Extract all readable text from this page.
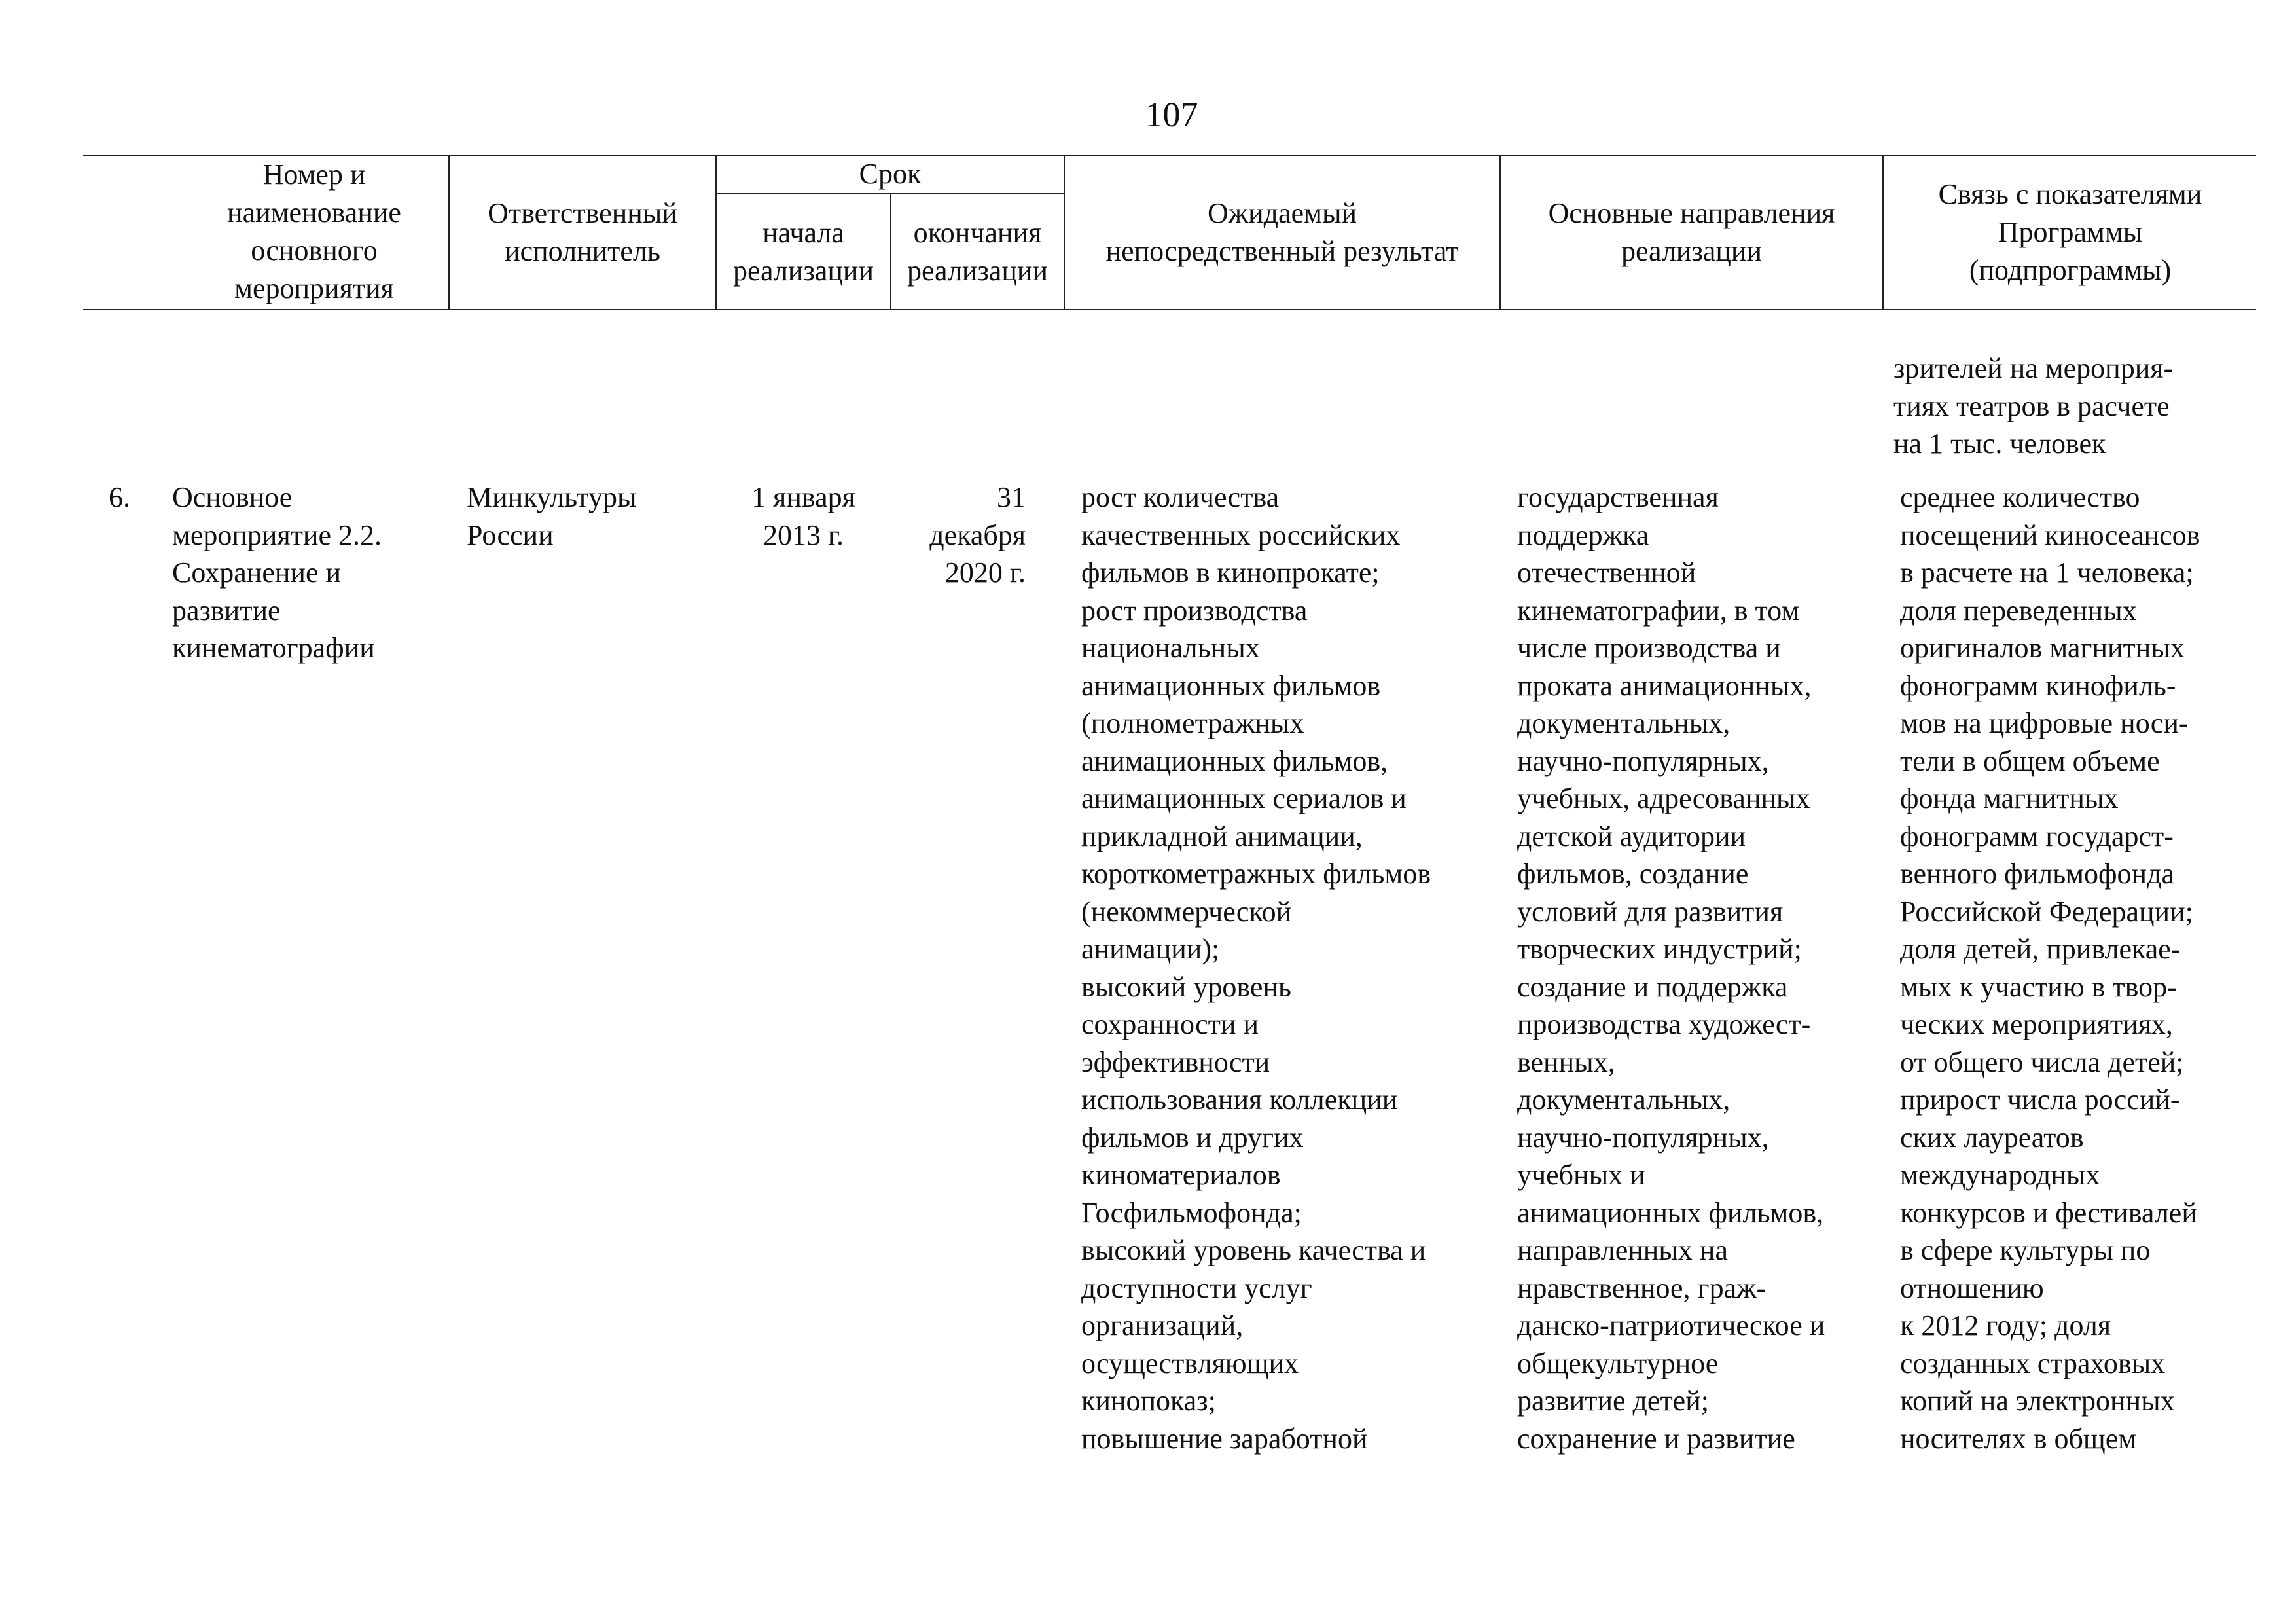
107
Номер и
наименование
основного
мероприятия
Ответственный
исполнитель
Срок
начала
реализации
окончания
реализации
Ожидаемый
непосредственный результат
Основные направления
реализации
Связь с показателями
Программы
(подпрограммы)
зрителей на мероприя-
тиях театров в расчете
на 1 тыс. человек
6.	Основное
мероприятие 2.2.
Сохранение и
развитие
кинематографии
Минкультуры
России
1 января
2013 г.
31
декабря
2020 г.
рост количества
качественных российских
фильмов в кинопрокате;
рост производства
национальных
анимационных фильмов
(полнометражных
анимационных фильмов,
анимационных сериалов и
прикладной анимации,
короткометражных фильмов
(некоммерческой
анимации);
высокий уровень
сохранности и
эффективности
использования коллекции
фильмов и других
киноматериалов
Госфильмофонда;
высокий уровень качества и
доступности услуг
организаций,
осуществляющих
кинопоказ;
повышение заработной
государственная
поддержка
отечественной
кинематографии, в том
числе производства и
проката анимационных,
документальных,
научно-популярных,
учебных, адресованных
детской аудитории
фильмов, создание
условий для развития
творческих индустрий;
создание и поддержка
производства художест-
венных,
документальных,
научно-популярных,
учебных и
анимационных фильмов,
направленных на
нравственное, граж-
данско-патриотическое и
общекультурное
развитие детей;
сохранение и развитие
среднее количество
посещений киносеансов
в расчете на 1 человека;
доля переведенных
оригиналов магнитных
фонограмм кинофиль-
мов на цифровые носи-
тели в общем объеме
фонда магнитных
фонограмм государст-
венного фильмофонда
Российской Федерации;
доля детей, привлекае-
мых к участию в твор-
ческих мероприятиях,
от общего числа детей;
прирост числа россий-
ских лауреатов
международных
конкурсов и фестивалей
в сфере культуры по
отношению
к 2012 году; доля
созданных страховых
копий на электронных
носителях в общем
